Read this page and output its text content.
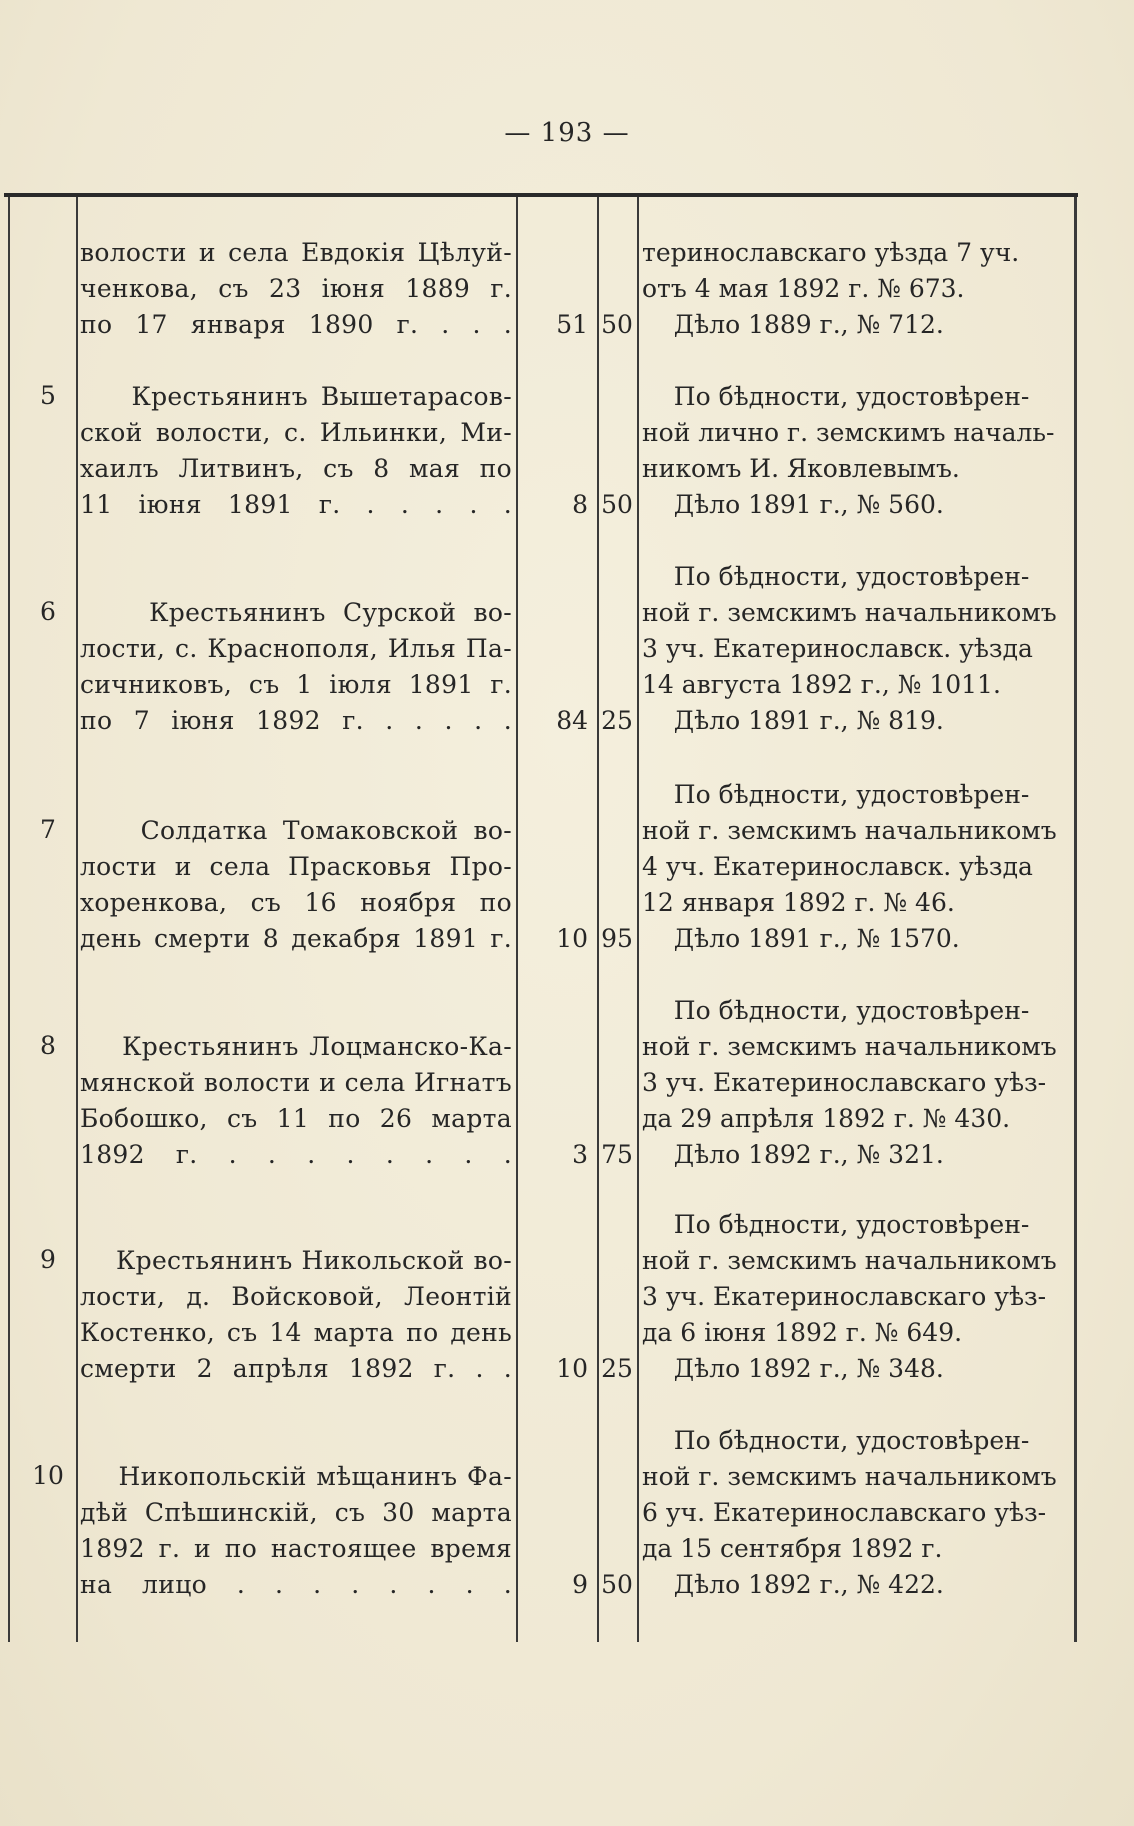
— 193 —
волости и села Евдокія Цѣлуй-
ченкова, съ 23 іюня 1889 г.
по 17 января 1890 г. . . .	51 50
теринославскаго уѣзда 7 уч.
отъ 4 мая 1892 г. № 673.
Дѣло 1889 г., № 712.
5 Крестьянинъ Вышетарасов-
ской волости, с. Ильинки, Ми-
хаилъ Литвинъ, съ 8 мая по
11 іюня 1891 г. . . . . .	8 50
По бѣдности, удостовѣрен-
ной лично г. земскимъ началь-
никомъ И. Яковлевымъ.
Дѣло 1891 г., № 560.
6 Крестьянинъ Сурской во-
лости, с. Краснополя, Илья Па-
сичниковъ, съ 1 іюля 1891 г.
по 7 іюня 1892 г. . . . . .	84 25
По бѣдности, удостовѣрен-
ной г. земскимъ начальникомъ
3 уч. Екатеринославск. уѣзда
14 августа 1892 г., № 1011.
Дѣло 1891 г., № 819.
7 Солдатка Томаковской во-
лости и села Прасковья Про-
хоренкова, съ 16 ноября по
день смерти 8 декабря 1891 г.	10 95
По бѣдности, удостовѣрен-
ной г. земскимъ начальникомъ
4 уч. Екатеринославск. уѣзда
12 января 1892 г. № 46.
Дѣло 1891 г., № 1570.
8 Крестьянинъ Лоцманско-Ка-
мянской волости и села Игнатъ
Бобошко, съ 11 по 26 марта
1892 г. . . . . . . . .	3 75
По бѣдности, удостовѣрен-
ной г. земскимъ начальникомъ
3 уч. Екатеринославскаго уѣз-
да 29 апрѣля 1892 г. № 430.
Дѣло 1892 г., № 321.
9 Крестьянинъ Никольской во-
лости, д. Войсковой, Леонтій
Костенко, съ 14 марта по день
смерти 2 апрѣля 1892 г. . .	10 25
По бѣдности, удостовѣрен-
ной г. земскимъ начальникомъ
3 уч. Екатеринославскаго уѣз-
да 6 іюня 1892 г. № 649.
Дѣло 1892 г., № 348.
10 Никопольскій мѣщанинъ Фа-
дѣй Спѣшинскій, съ 30 марта
1892 г. и по настоящее время
на лицо . . . . . . . .	9 50
По бѣдности, удостовѣрен-
ной г. земскимъ начальникомъ
6 уч. Екатеринославскаго уѣз-
да 15 сентября 1892 г.
Дѣло 1892 г., № 422.
